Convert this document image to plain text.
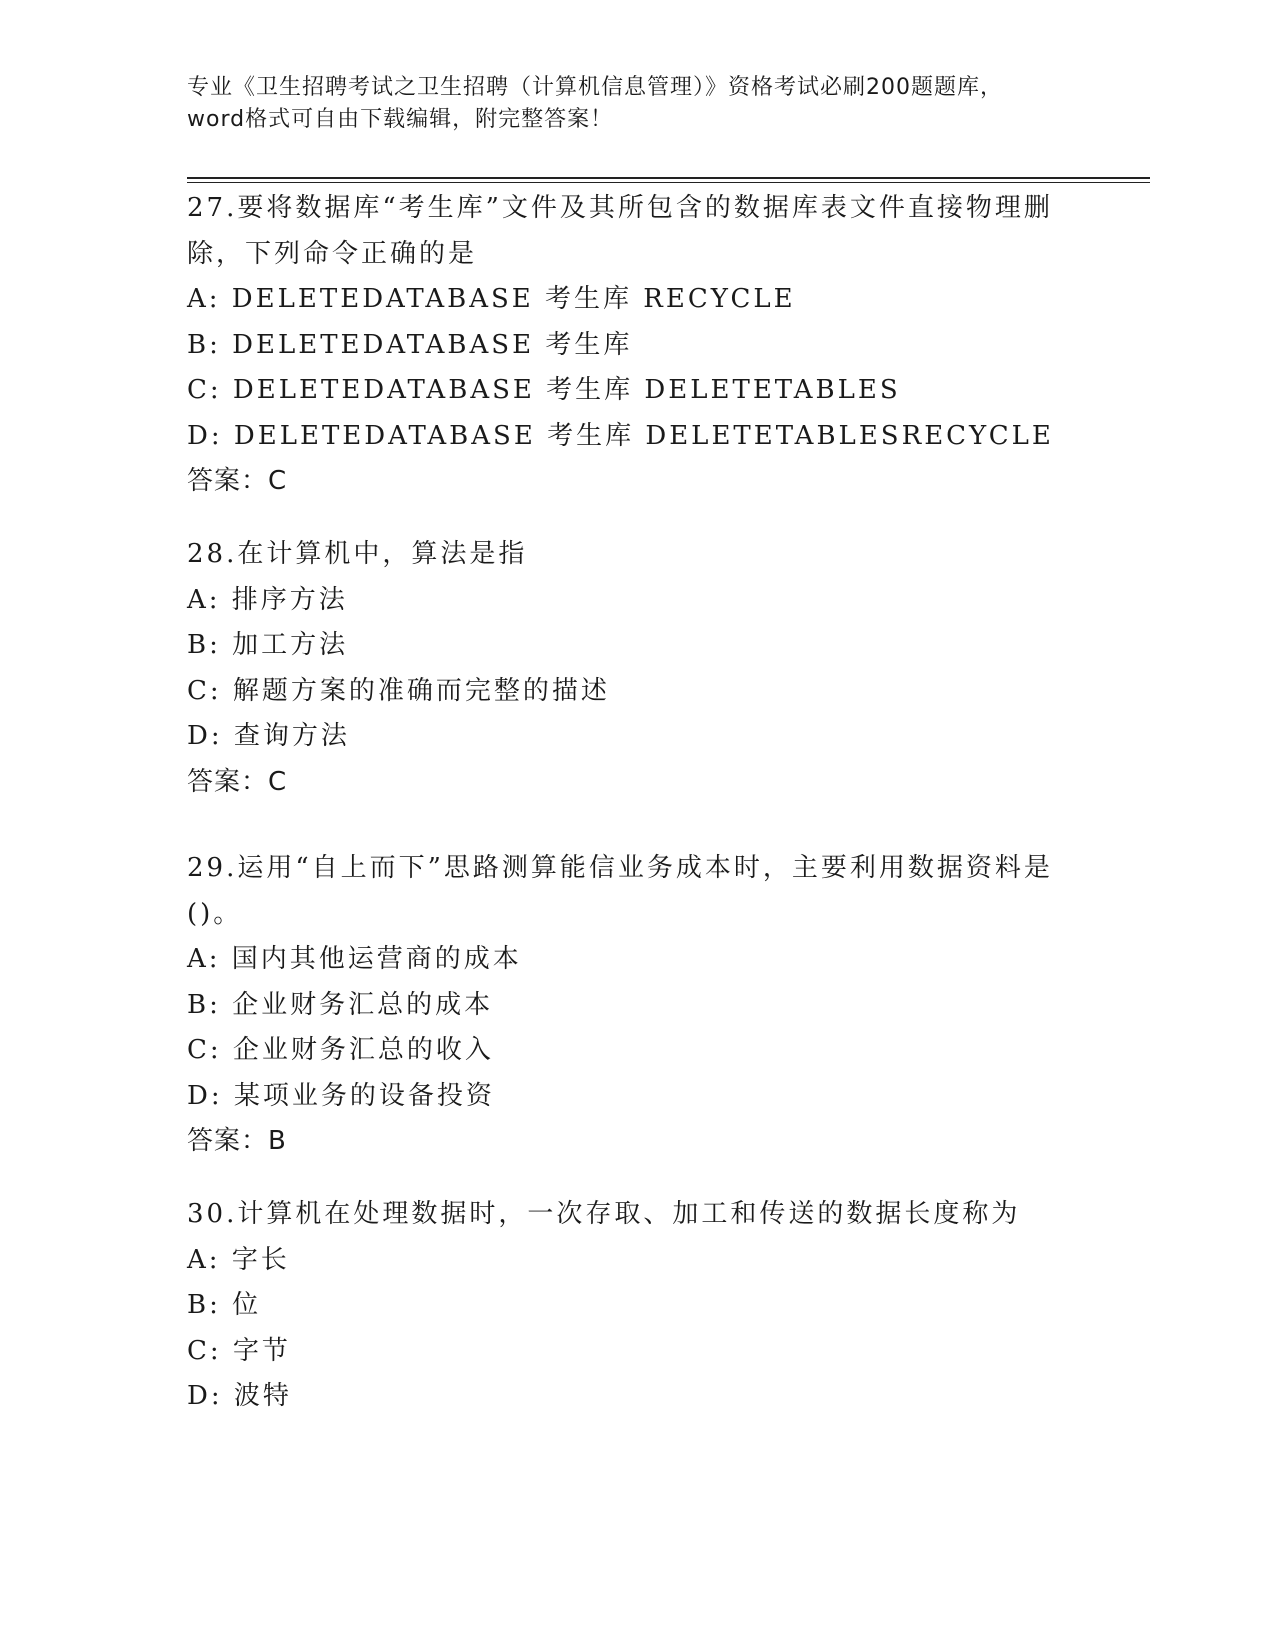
专业《卫生招聘考试之卫生招聘（计算机信息管理）》资格考试必刷200题题库，
word格式可自由下载编辑，附完整答案！
27.要将数据库“考生库”文件及其所包含的数据库表文件直接物理删
除，下列命令正确的是
A: DELETEDATABASE 考生库 RECYCLE
B: DELETEDATABASE 考生库
C: DELETEDATABASE 考生库 DELETETABLES
D: DELETEDATABASE 考生库 DELETETABLESRECYCLE
答案：C
28.在计算机中，算法是指
A: 排序方法
B: 加工方法
C: 解题方案的准确而完整的描述
D: 查询方法
答案：C
29.运用“自上而下”思路测算能信业务成本时，主要利用数据资料是
()。
A: 国内其他运营商的成本
B: 企业财务汇总的成本
C: 企业财务汇总的收入
D: 某项业务的设备投资
答案：B
30.计算机在处理数据时，一次存取、加工和传送的数据长度称为
A: 字长
B: 位
C: 字节
D: 波特
